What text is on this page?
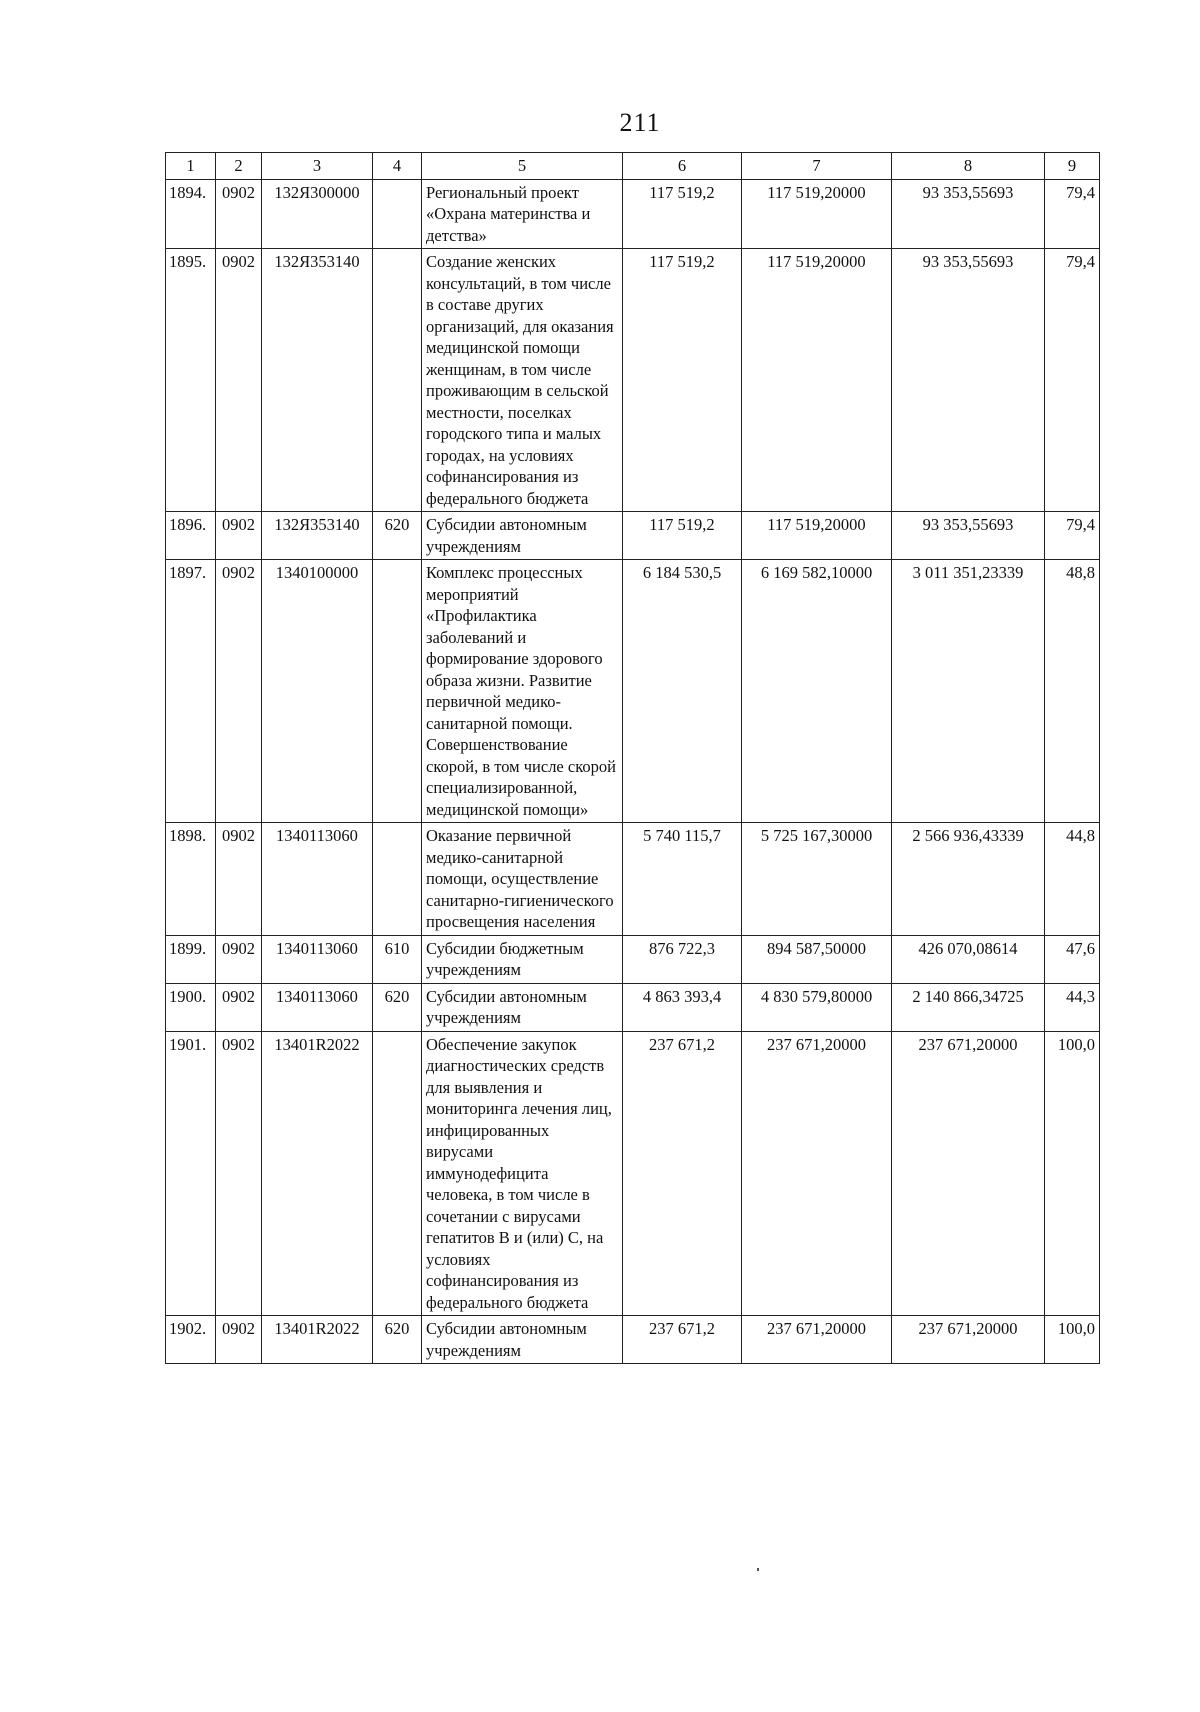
211
1	2	3	4	5	6	7	8	9
1894.	0902	132Я300000		Региональный проект «Охрана материнства и детства»	117 519,2	117 519,20000	93 353,55693	79,4
1895.	0902	132Я353140		Создание женских консультаций, в том числе в составе других организаций, для оказания медицинской помощи женщинам, в том числе проживающим в сельской местности, поселках городского типа и малых городах, на условиях софинансирования из федерального бюджета	117 519,2	117 519,20000	93 353,55693	79,4
1896.	0902	132Я353140	620	Субсидии автономным учреждениям	117 519,2	117 519,20000	93 353,55693	79,4
1897.	0902	1340100000		Комплекс процессных мероприятий «Профилактика заболеваний и формирование здорового образа жизни. Развитие первичной медико-санитарной помощи. Совершенствование скорой, в том числе скорой специализированной, медицинской помощи»	6 184 530,5	6 169 582,10000	3 011 351,23339	48,8
1898.	0902	1340113060		Оказание первичной медико-санитарной помощи, осуществление санитарно-гигиенического просвещения населения	5 740 115,7	5 725 167,30000	2 566 936,43339	44,8
1899.	0902	1340113060	610	Субсидии бюджетным учреждениям	876 722,3	894 587,50000	426 070,08614	47,6
1900.	0902	1340113060	620	Субсидии автономным учреждениям	4 863 393,4	4 830 579,80000	2 140 866,34725	44,3
1901.	0902	13401R2022		Обеспечение закупок диагностических средств для выявления и мониторинга лечения лиц, инфицированных вирусами иммунодефицита человека, в том числе в сочетании с вирусами гепатитов В и (или) С, на условиях софинансирования из федерального бюджета	237 671,2	237 671,20000	237 671,20000	100,0
1902.	0902	13401R2022	620	Субсидии автономным учреждениям	237 671,2	237 671,20000	237 671,20000	100,0
